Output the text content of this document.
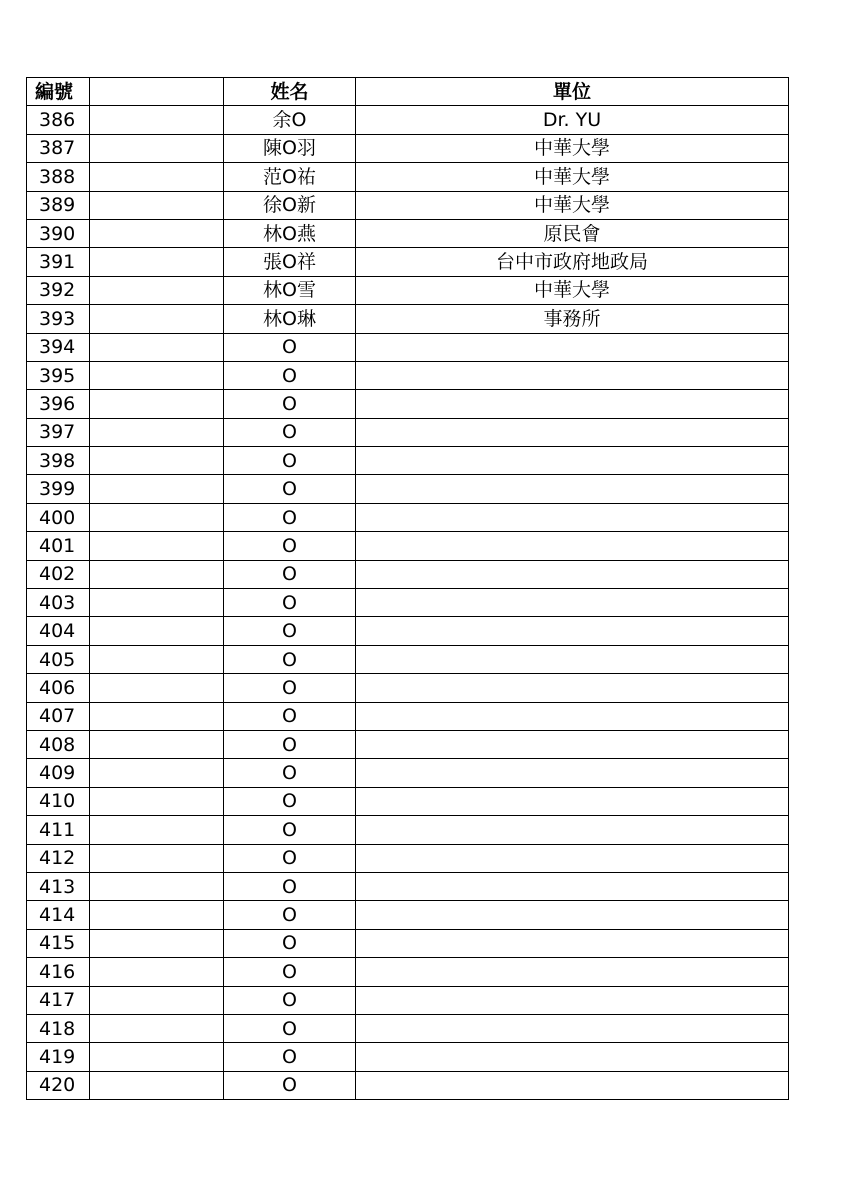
編號		姓名	單位
386		余O	Dr. YU
387		陳O羽	中華大學
388		范O祐	中華大學
389		徐O新	中華大學
390		林O燕	原民會
391		張O祥	台中市政府地政局
392		林O雪	中華大學
393		林O琳	事務所
394		O	
395		O	
396		O	
397		O	
398		O	
399		O	
400		O	
401		O	
402		O	
403		O	
404		O	
405		O	
406		O	
407		O	
408		O	
409		O	
410		O	
411		O	
412		O	
413		O	
414		O	
415		O	
416		O	
417		O	
418		O	
419		O	
420		O	
